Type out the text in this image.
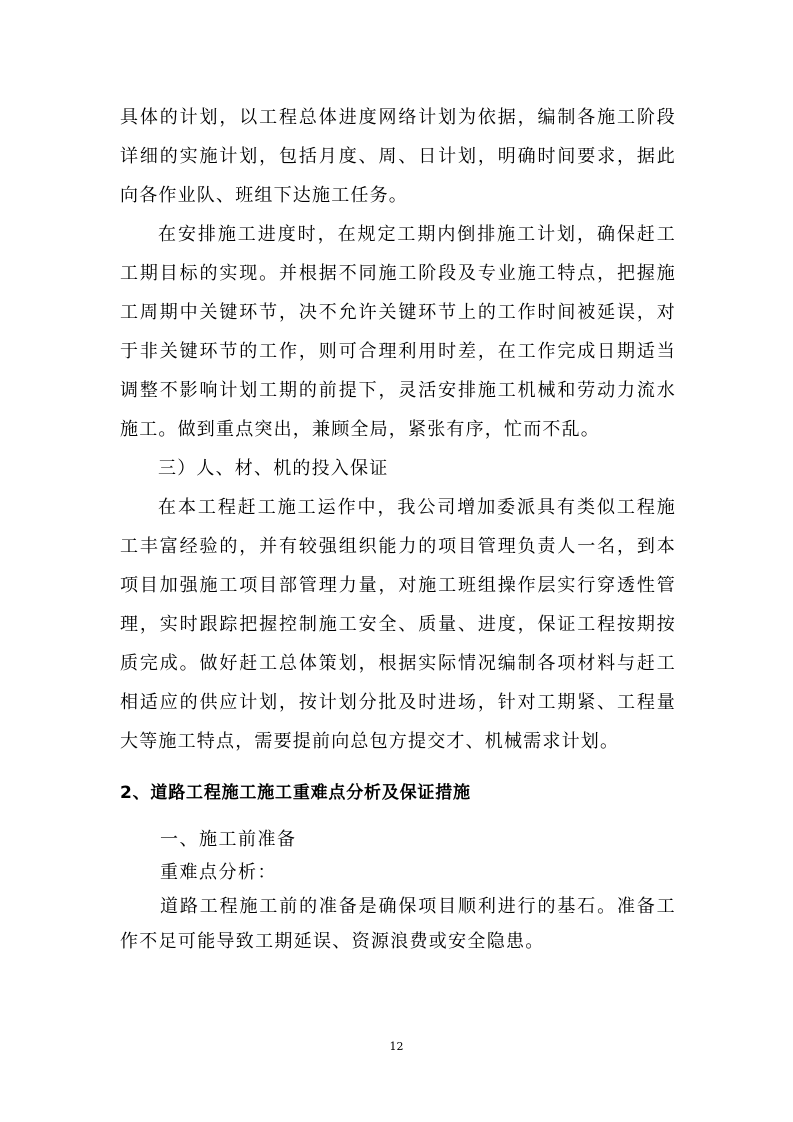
具体的计划，以工程总体进度网络计划为依据，编制各施工阶段详细的实施计划，包括月度、周、日计划，明确时间要求，据此向各作业队、班组下达施工任务。

在安排施工进度时，在规定工期内倒排施工计划，确保赶工工期目标的实现。并根据不同施工阶段及专业施工特点，把握施工周期中关键环节，决不允许关键环节上的工作时间被延误，对于非关键环节的工作，则可合理利用时差，在工作完成日期适当调整不影响计划工期的前提下，灵活安排施工机械和劳动力流水施工。做到重点突出，兼顾全局，紧张有序，忙而不乱。

三）人、材、机的投入保证

在本工程赶工施工运作中，我公司增加委派具有类似工程施工丰富经验的，并有较强组织能力的项目管理负责人一名，到本项目加强施工项目部管理力量，对施工班组操作层实行穿透性管理，实时跟踪把握控制施工安全、质量、进度，保证工程按期按质完成。做好赶工总体策划，根据实际情况编制各项材料与赶工相适应的供应计划，按计划分批及时进场，针对工期紧、工程量大等施工特点，需要提前向总包方提交才、机械需求计划。

2、道路工程施工施工重难点分析及保证措施

一、施工前准备

重难点分析：

道路工程施工前的准备是确保项目顺利进行的基石。准备工作不足可能导致工期延误、资源浪费或安全隐患。

12
